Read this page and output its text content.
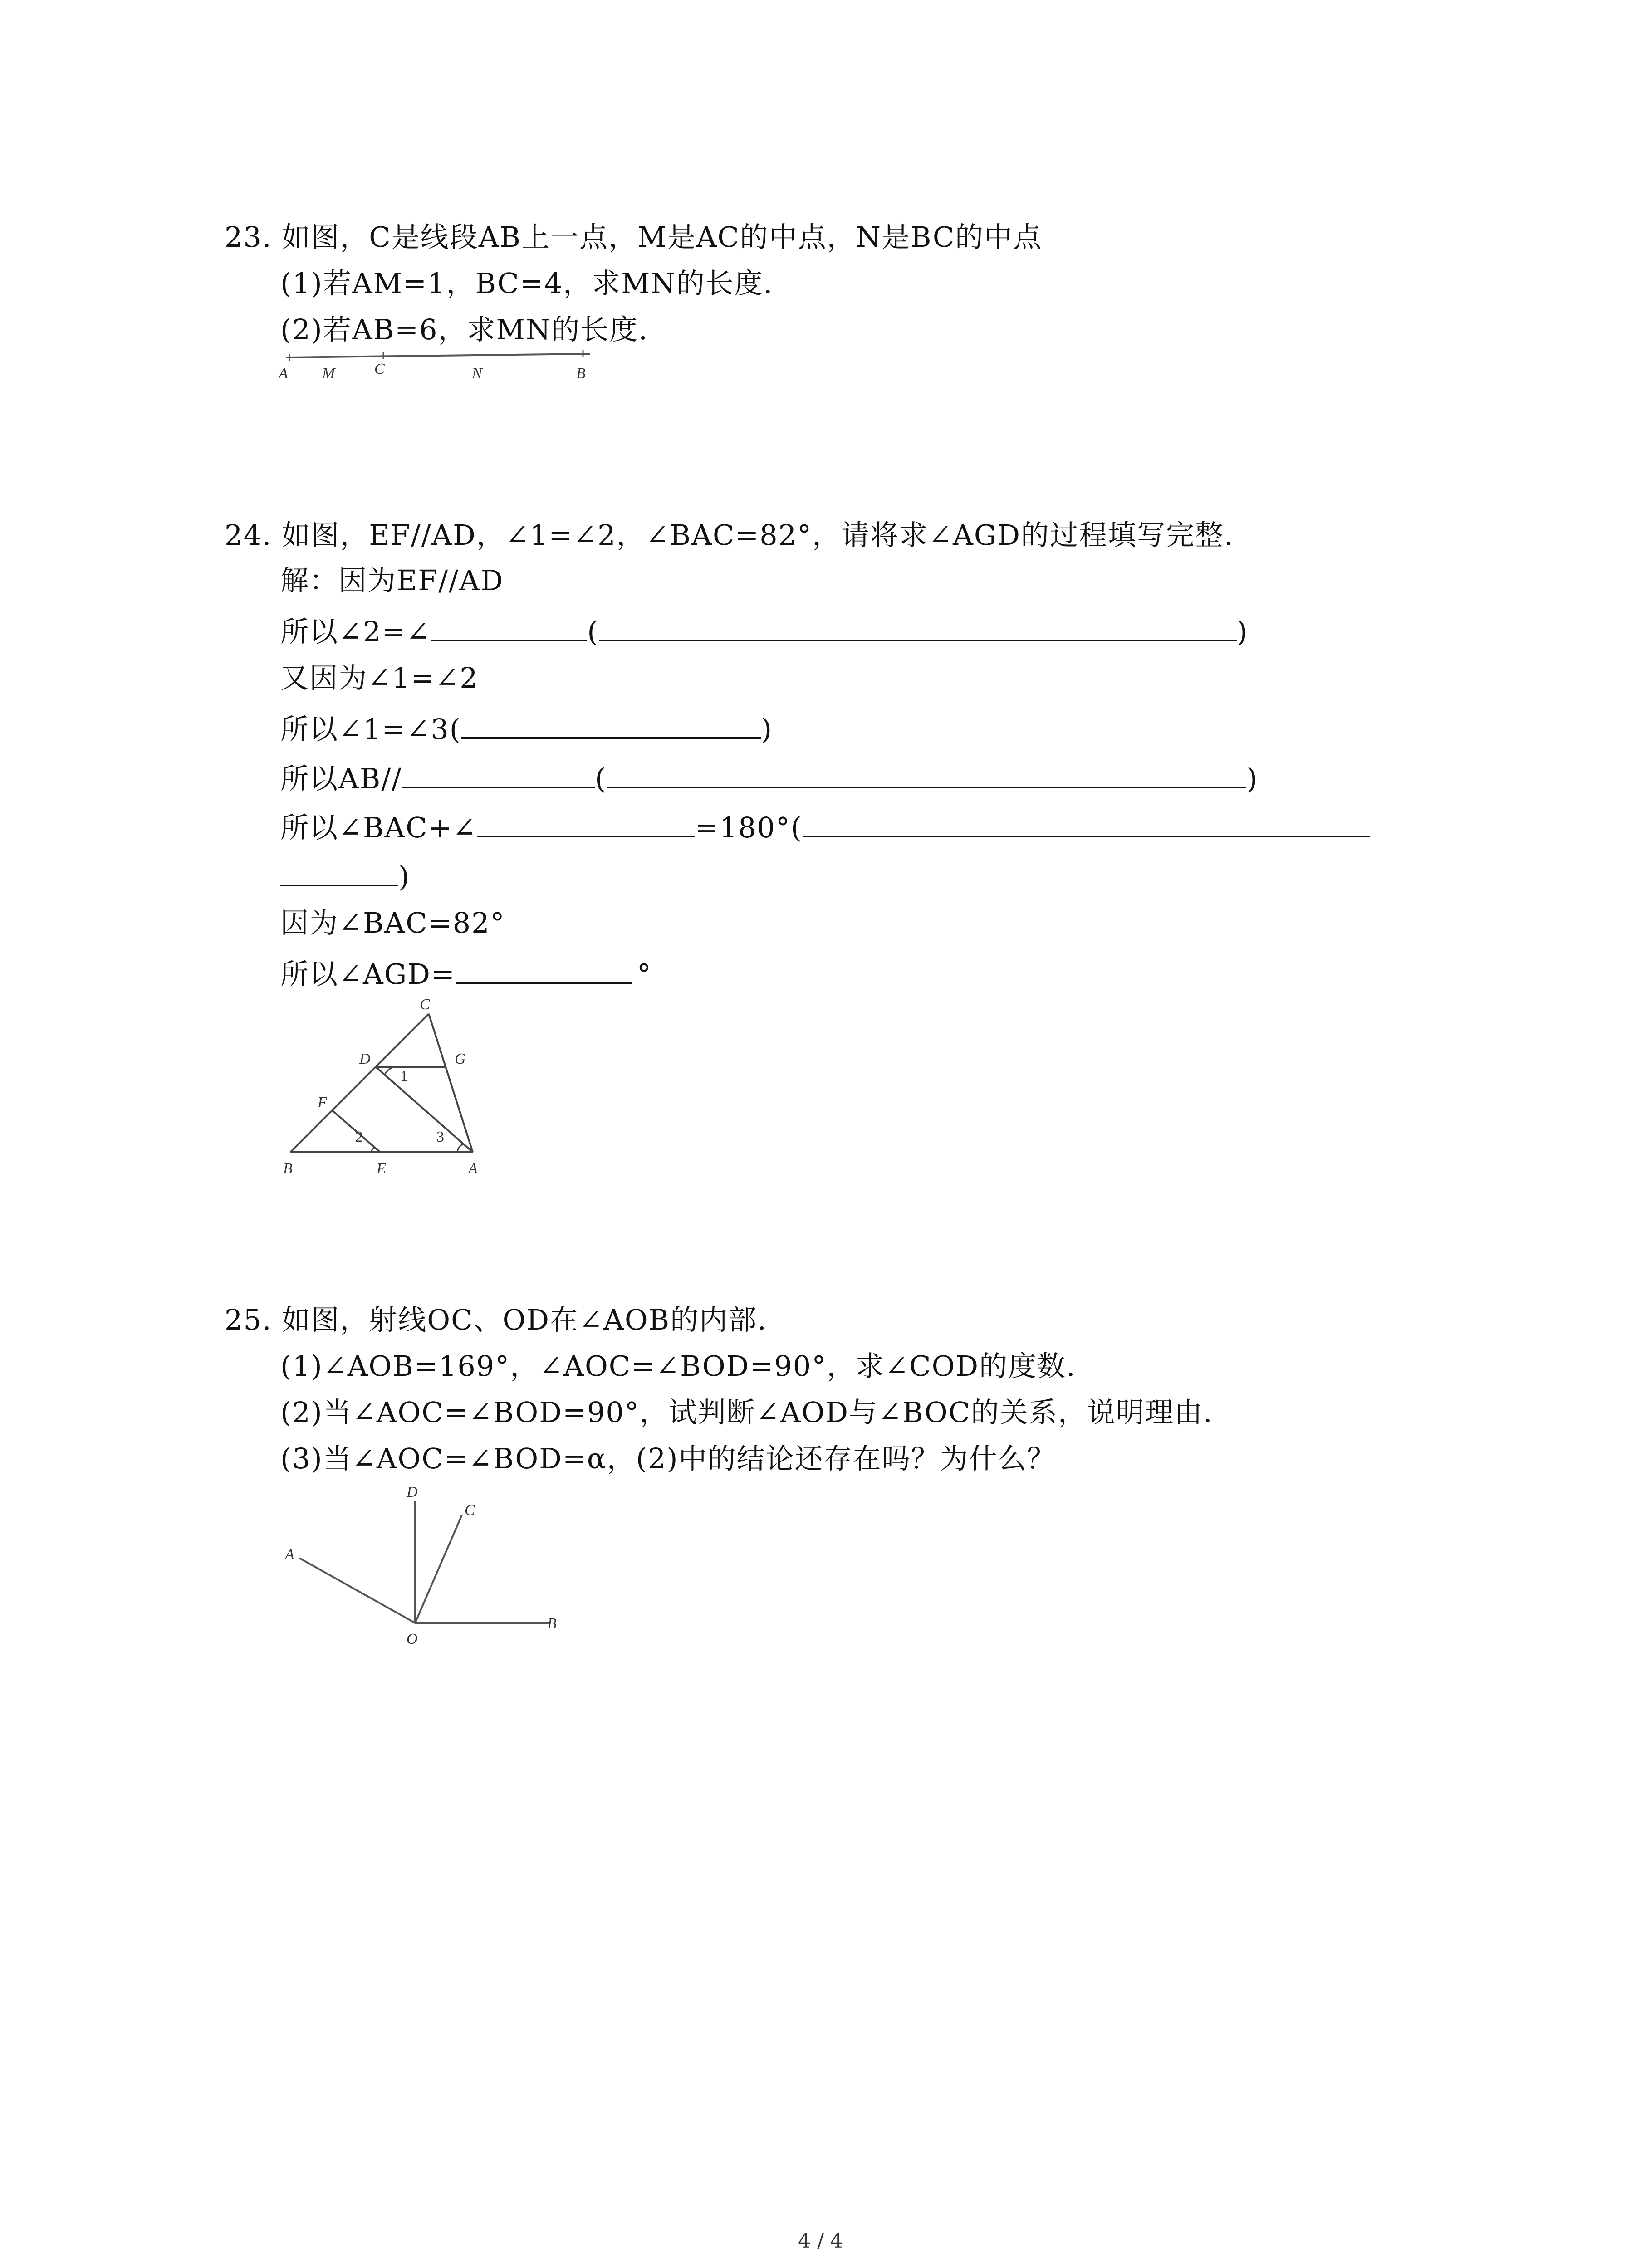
23. 如图，C是线段AB上一点，M是AC的中点，N是BC的中点
(1)若AM=1，BC=4，求MN的长度.
(2)若AB=6，求MN的长度.
A M	C	N	B
24. 如图，EF//AD，∠1=∠2，∠BAC=82°，请将求∠AGD的过程填写完整.
解：因为EF//AD
所以∠2=∠	(	)
又因为∠1=∠2
所以∠1=∠3(	)
所以AB//	(	)
所以∠BAC+∠	=180°(
)
因为∠BAC=82°
所以∠AGD=	°
C
D	G
1
F
2	3
B	E	A
25. 如图，射线OC、OD在∠AOB的内部.
(1)∠AOB=169°，∠AOC=∠BOD=90°，求∠COD的度数.
(2)当∠AOC=∠BOD=90°，试判断∠AOD与∠BOC的关系，说明理由.
(3)当∠AOC=∠BOD=α，(2)中的结论还存在吗？为什么？
D
C
A
O
B
4 / 4
